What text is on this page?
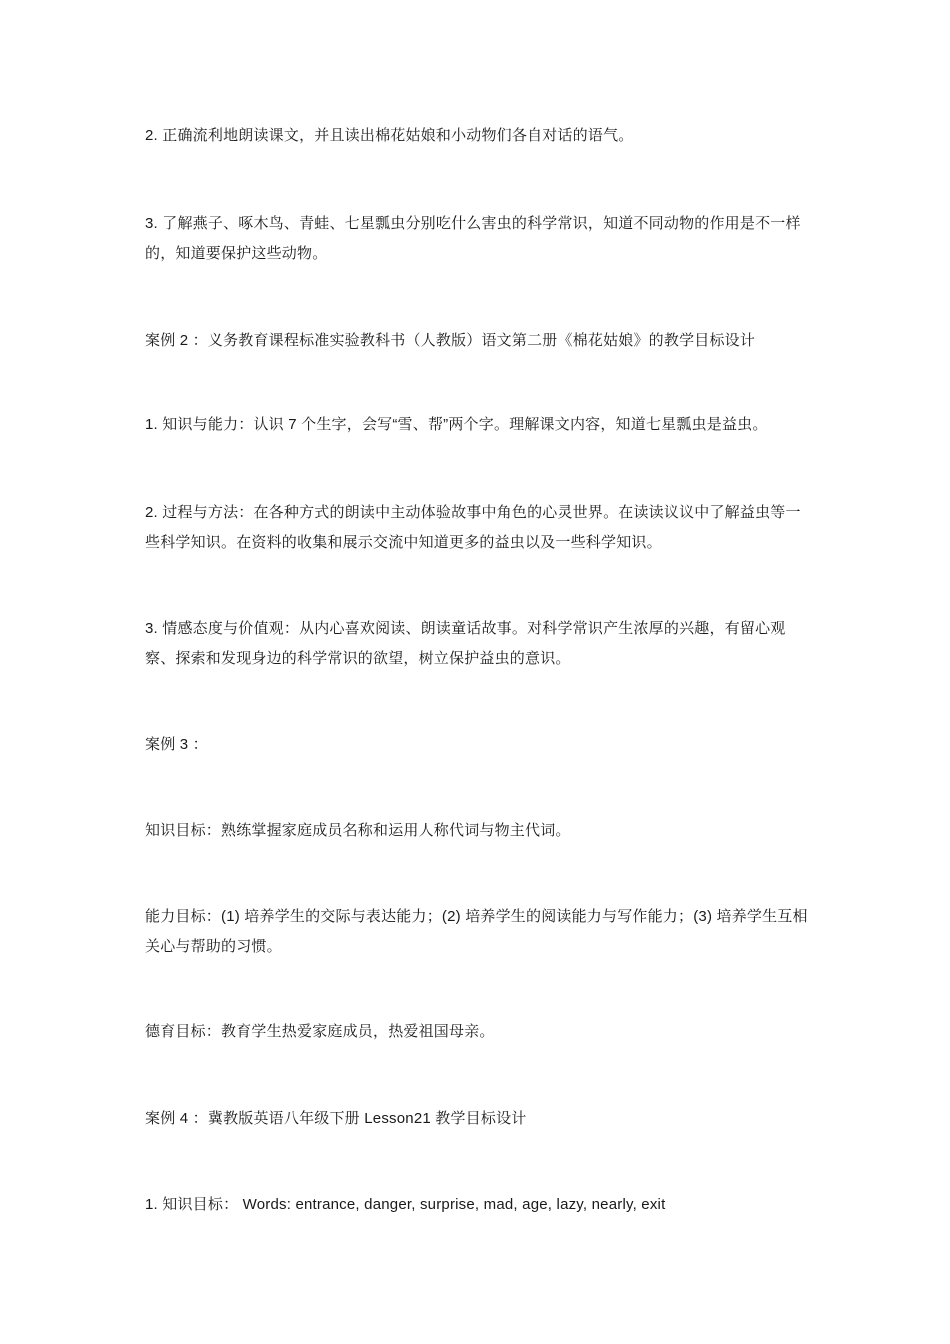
2. 正确流利地朗读课文，并且读出棉花姑娘和小动物们各自对话的语气。

3. 了解燕子、啄木鸟、青蛙、七星瓢虫分别吃什么害虫的科学常识，知道不同动物的作用是不一样的，知道要保护这些动物。

案例 2 ：义务教育课程标准实验教科书（人教版）语文第二册《棉花姑娘》的教学目标设计

1. 知识与能力：认识 7 个生字，会写“雪、帮”两个字。理解课文内容，知道七星瓢虫是益虫。

2. 过程与方法：在各种方式的朗读中主动体验故事中角色的心灵世界。在读读议议中了解益虫等一些科学知识。在资料的收集和展示交流中知道更多的益虫以及一些科学知识。

3. 情感态度与价值观：从内心喜欢阅读、朗读童话故事。对科学常识产生浓厚的兴趣，有留心观察、探索和发现身边的科学常识的欲望，树立保护益虫的意识。

案例 3 ：

知识目标：熟练掌握家庭成员名称和运用人称代词与物主代词。

能力目标：(1) 培养学生的交际与表达能力；(2) 培养学生的阅读能力与写作能力；(3) 培养学生互相关心与帮助的习惯。

德育目标：教育学生热爱家庭成员，热爱祖国母亲。

案例 4 ：冀教版英语八年级下册 Lesson21 教学目标设计

1. 知识目标： Words: entrance, danger, surprise, mad, age, lazy, nearly, exit
